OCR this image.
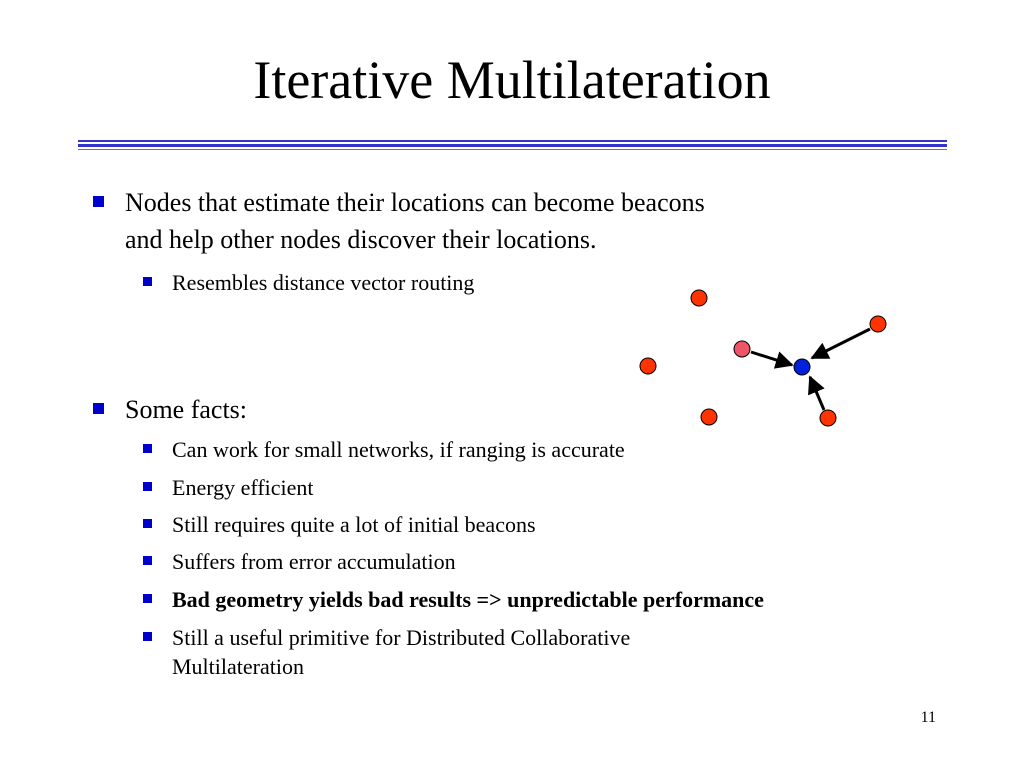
Iterative Multilateration
Nodes that estimate their locations can become beacons
and help other nodes discover their locations.
Resembles distance vector routing
Some facts:
Can work for small networks, if ranging is accurate
Energy efficient
Still requires quite a lot of initial beacons
Suffers from error accumulation
Bad geometry yields bad results => unpredictable performance
Still a useful primitive for Distributed Collaborative
Multilateration
11
